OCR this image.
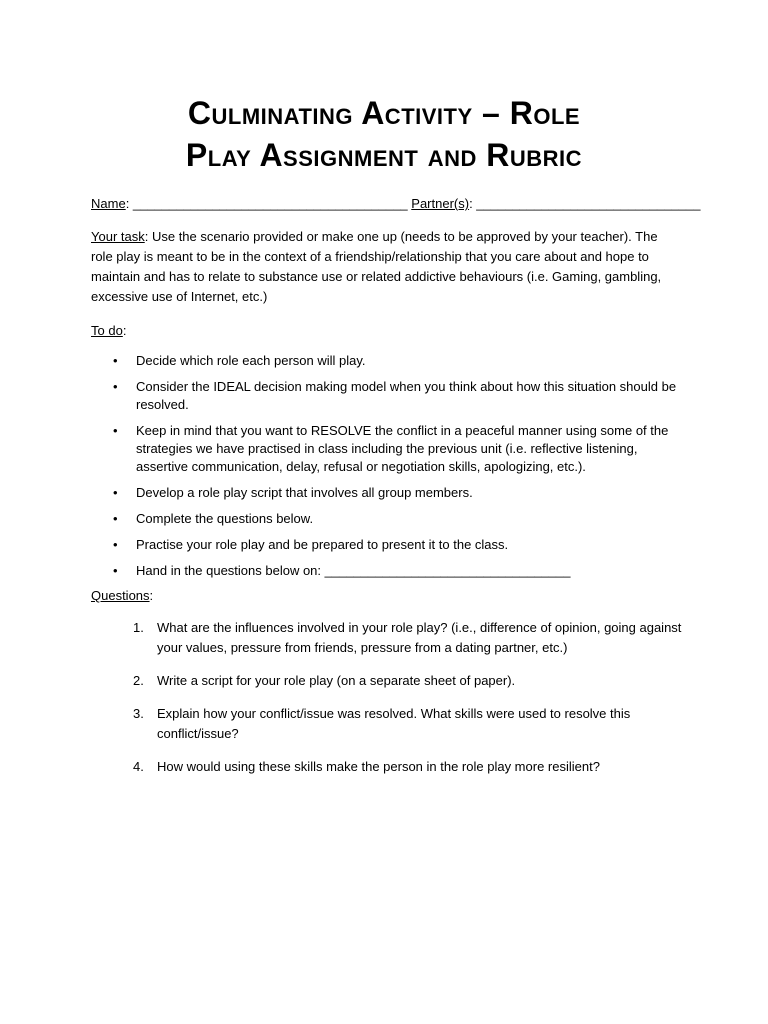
Culminating Activity – Role
Play Assignment and Rubric
Name: ______________________________________ Partner(s): _______________________________
Your task: Use the scenario provided or make one up (needs to be approved by your teacher). The role play is meant to be in the context of a friendship/relationship that you care about and hope to maintain and has to relate to substance use or related addictive behaviours (i.e. Gaming, gambling, excessive use of Internet, etc.)
To do:
• Decide which role each person will play.
• Consider the IDEAL decision making model when you think about how this situation should be resolved.
• Keep in mind that you want to RESOLVE the conflict in a peaceful manner using some of the strategies we have practised in class including the previous unit (i.e. reflective listening, assertive communication, delay, refusal or negotiation skills, apologizing, etc.).
• Develop a role play script that involves all group members.
• Complete the questions below.
• Practise your role play and be prepared to present it to the class.
• Hand in the questions below on: __________________________________
Questions:
1. What are the influences involved in your role play? (i.e., difference of opinion, going against your values, pressure from friends, pressure from a dating partner, etc.)
2. Write a script for your role play (on a separate sheet of paper).
3. Explain how your conflict/issue was resolved. What skills were used to resolve this conflict/issue?
4. How would using these skills make the person in the role play more resilient?
